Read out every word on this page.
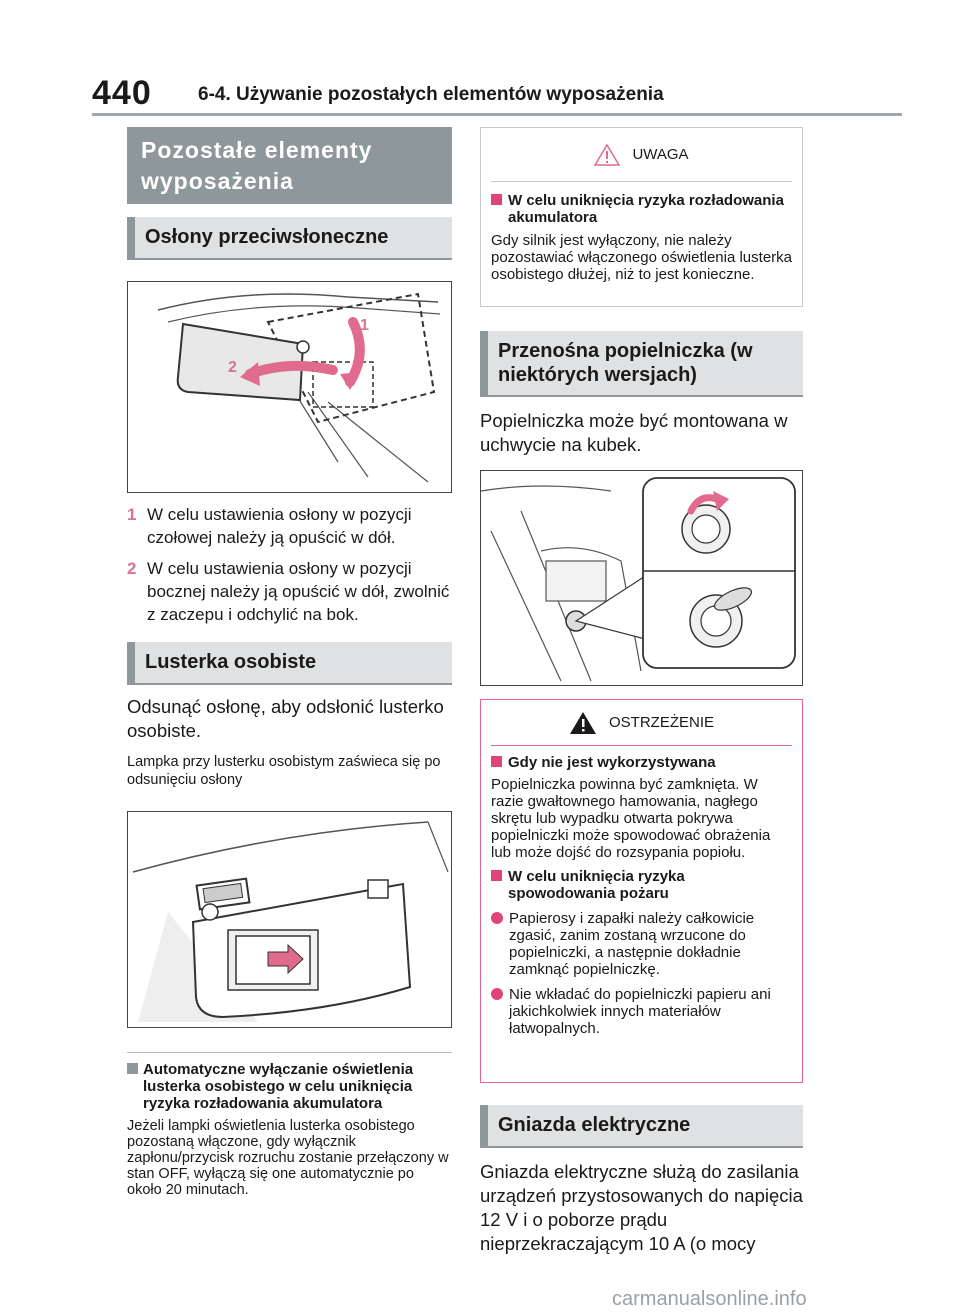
440 6-4. Używanie pozostałych elementów wyposażenia
Pozostałe elementy wyposażenia
Osłony przeciwsłoneczne
1
2
1 W celu ustawienia osłony w pozycji czołowej należy ją opuścić w dół.
2 W celu ustawienia osłony w pozycji bocznej należy ją opuścić w dół, zwolnić z zaczepu i odchylić na bok.
Lusterka osobiste
Odsunąć osłonę, aby odsłonić lusterko osobiste.
Lampka przy lusterku osobistym zaświeca się po odsunięciu osłony
Automatyczne wyłączanie oświetlenia lusterka osobistego w celu uniknięcia ryzyka rozładowania akumulatora
Jeżeli lampki oświetlenia lusterka osobistego pozostaną włączone, gdy wyłącznik zapłonu/przycisk rozruchu zostanie przełączony w stan OFF, wyłączą się one automatycznie po około 20 minutach.
UWAGA
W celu uniknięcia ryzyka rozładowania akumulatora
Gdy silnik jest wyłączony, nie należy pozostawiać włączonego oświetlenia lusterka osobistego dłużej, niż to jest konieczne.
Przenośna popielniczka (w niektórych wersjach)
Popielniczka może być montowana w uchwycie na kubek.
OSTRZEŻENIE
Gdy nie jest wykorzystywana
Popielniczka powinna być zamknięta. W razie gwałtownego hamowania, nagłego skrętu lub wypadku otwarta pokrywa popielniczki może spowodować obrażenia lub może dojść do rozsypania popiołu.
W celu uniknięcia ryzyka spowodowania pożaru
Papierosy i zapałki należy całkowicie zgasić, zanim zostaną wrzucone do popielniczki, a następnie dokładnie zamknąć popielniczkę.
Nie wkładać do popielniczki papieru ani jakichkolwiek innych materiałów łatwopalnych.
Gniazda elektryczne
Gniazda elektryczne służą do zasilania urządzeń przystosowanych do napięcia 12 V i o poborze prądu nieprzekraczającym 10 A (o mocy
carmanualsonline.info
